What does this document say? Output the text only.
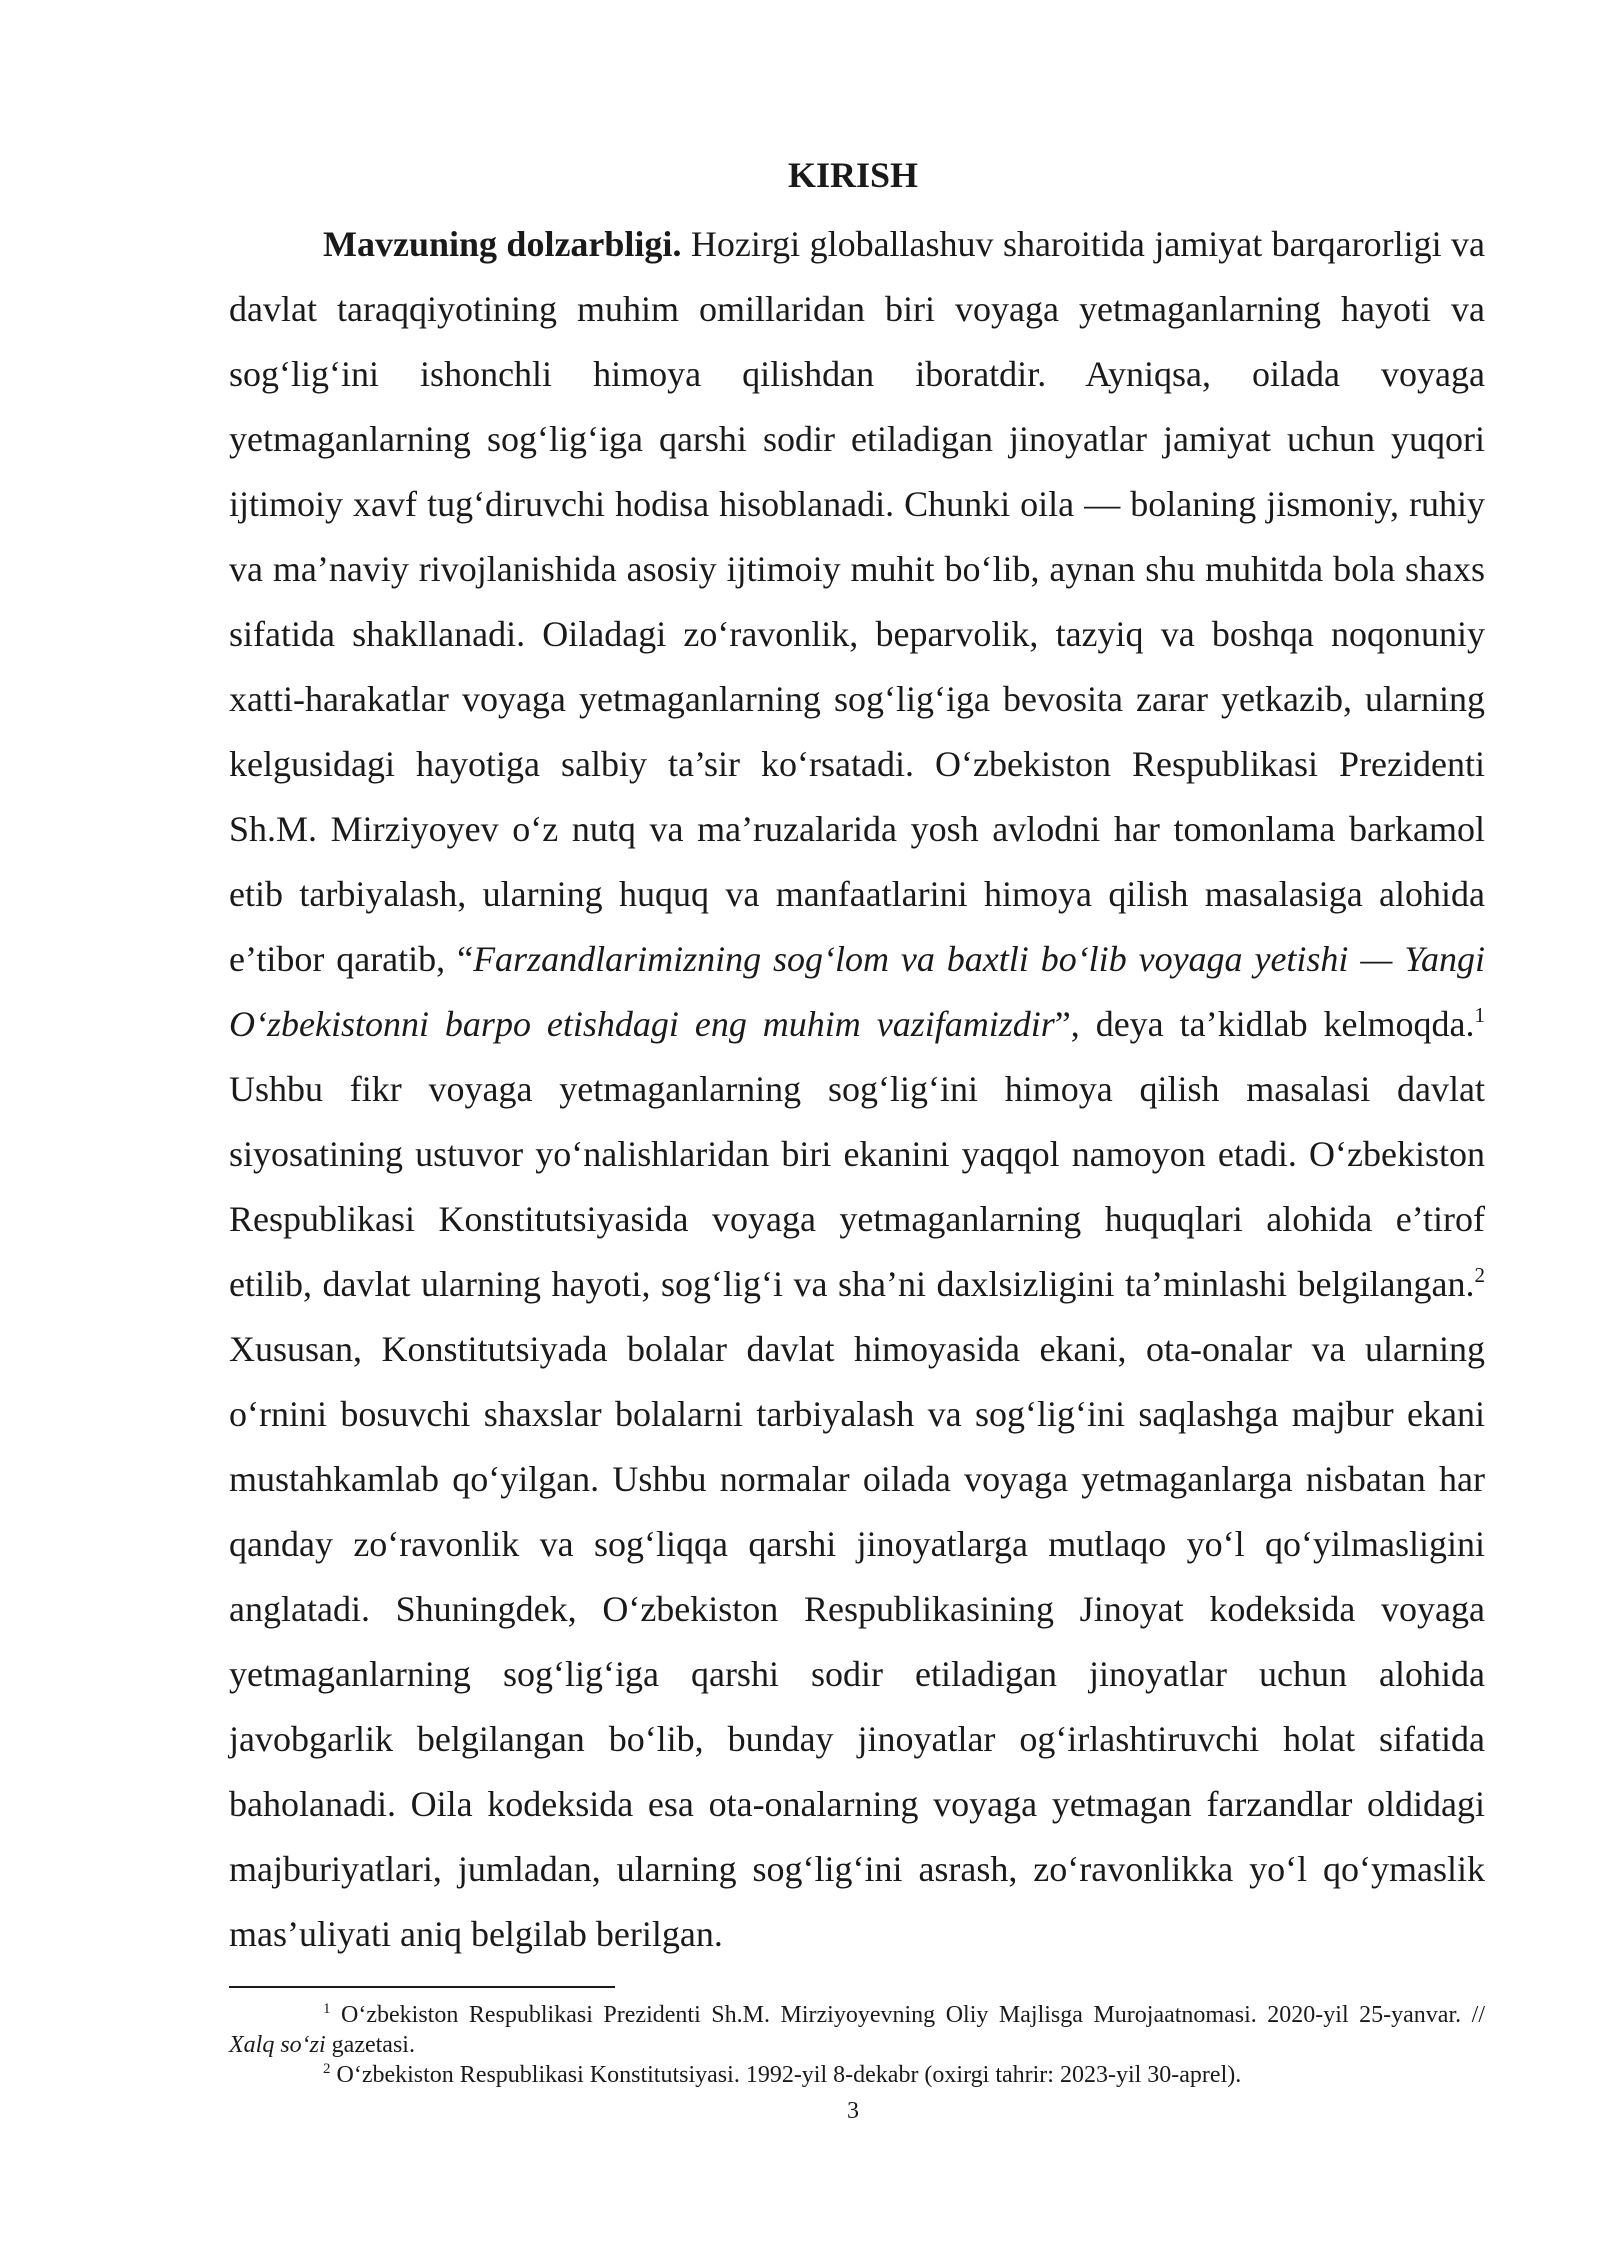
KIRISH
Mavzuning dolzarbligi. Hozirgi globallashuv sharoitida jamiyat barqarorligi va davlat taraqqiyotining muhim omillaridan biri voyaga yetmaganlarning hayoti va sog‘lig‘ini ishonchli himoya qilishdan iboratdir. Ayniqsa, oilada voyaga yetmaganlarning sog‘lig‘iga qarshi sodir etiladigan jinoyatlar jamiyat uchun yuqori ijtimoiy xavf tug‘diruvchi hodisa hisoblanadi. Chunki oila — bolaning jismoniy, ruhiy va ma’naviy rivojlanishida asosiy ijtimoiy muhit bo‘lib, aynan shu muhitda bola shaxs sifatida shakllanadi. Oiladagi zo‘ravonlik, beparvolik, tazyiq va boshqa noqonuniy xatti-harakatlar voyaga yetmaganlarning sog‘lig‘iga bevosita zarar yetkazib, ularning kelgusidagi hayotiga salbiy ta’sir ko‘rsatadi. O‘zbekiston Respublikasi Prezidenti Sh.M. Mirziyoyev o‘z nutq va ma’ruzalarida yosh avlodni har tomonlama barkamol etib tarbiyalash, ularning huquq va manfaatlarini himoya qilish masalasiga alohida e’tibor qaratib, “Farzandlarimizning sog‘lom va baxtli bo‘lib voyaga yetishi — Yangi O‘zbekistonni barpo etishdagi eng muhim vazifamizdir”, deya ta’kidlab kelmoqda.$^1$ Ushbu fikr voyaga yetmaganlarning sog‘lig‘ini himoya qilish masalasi davlat siyosatining ustuvor yo‘nalishlaridan biri ekanini yaqqol namoyon etadi. O‘zbekiston Respublikasi Konstitutsiyasida voyaga yetmaganlarning huquqlari alohida e’tirof etilib, davlat ularning hayoti, sog‘lig‘i va sha’ni daxlsizligini ta’minlashi belgilangan.$^2$ Xususan, Konstitutsiyada bolalar davlat himoyasida ekani, ota-onalar va ularning o‘rnini bosuvchi shaxslar bolalarni tarbiyalash va sog‘lig‘ini saqlashga majbur ekani mustahkamlab qo‘yilgan. Ushbu normalar oilada voyaga yetmaganlarga nisbatan har qanday zo‘ravonlik va sog‘liqqa qarshi jinoyatlarga mutlaqo yo‘l qo‘yilmasligini anglatadi. Shuningdek, O‘zbekiston Respublikasining Jinoyat kodeksida voyaga yetmaganlarning sog‘lig‘iga qarshi sodir etiladigan jinoyatlar uchun alohida javobgarlik belgilangan bo‘lib, bunday jinoyatlar og‘irlashtiruvchi holat sifatida baholanadi. Oila kodeksida esa ota-onalarning voyaga yetmagan farzandlar oldidagi majburiyatlari, jumladan, ularning sog‘lig‘ini asrash, zo‘ravonlikka yo‘l qo‘ymaslik mas’uliyati aniq belgilab berilgan.

$^1$ O‘zbekiston Respublikasi Prezidenti Sh.M. Mirziyoyevning Oliy Majlisga Murojaatnomasi. 2020-yil 25-yanvar. // Xalq so‘zi gazetasi.

$^2$ O‘zbekiston Respublikasi Konstitutsiyasi. 1992-yil 8-dekabr (oxirgi tahrir: 2023-yil 30-aprel).

3
